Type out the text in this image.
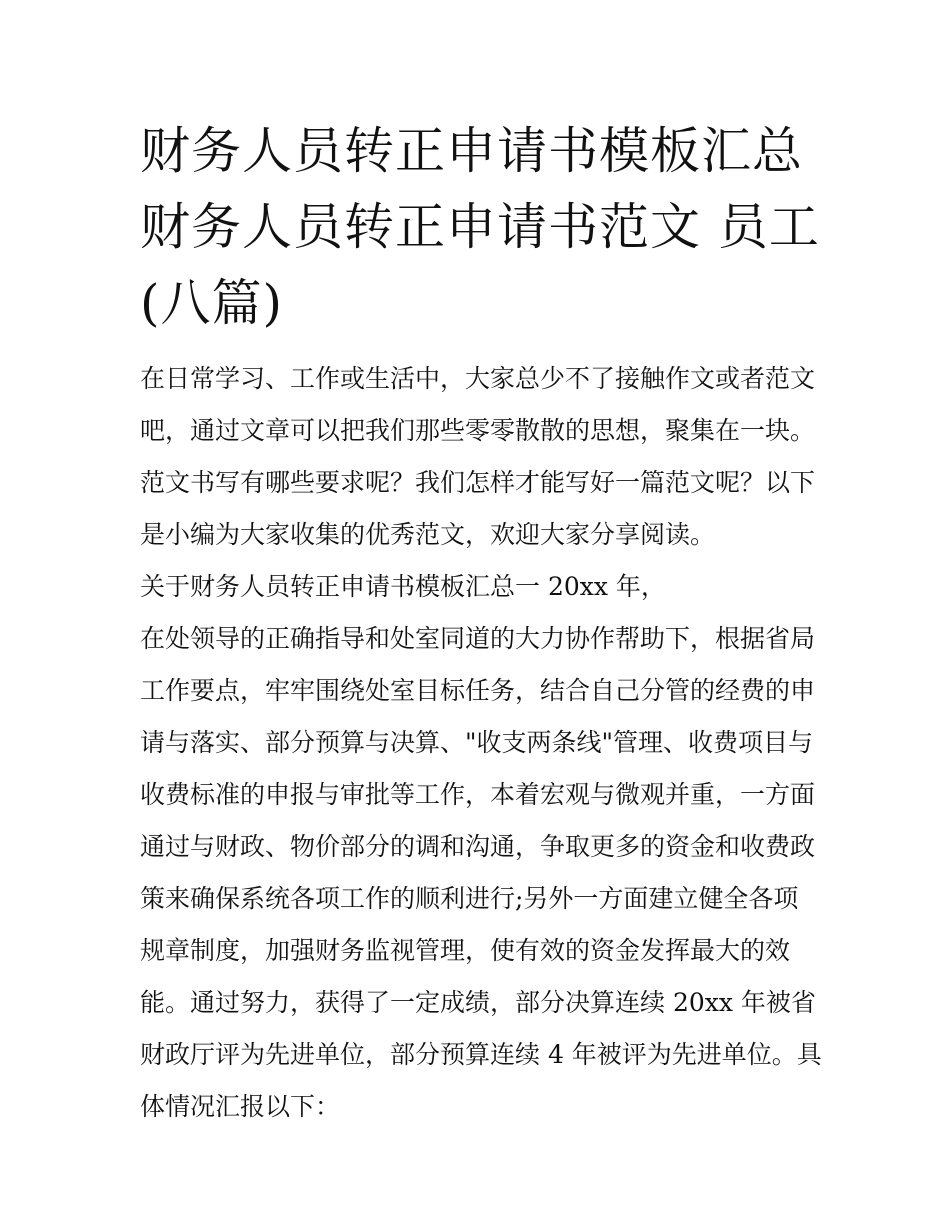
财务人员转正申请书模板汇总
财务人员转正申请书范文 员工
(八篇)

在日常学习、工作或生活中，大家总少不了接触作文或者范文
吧，通过文章可以把我们那些零零散散的思想，聚集在一块。
范文书写有哪些要求呢？我们怎样才能写好一篇范文呢？以下
是小编为大家收集的优秀范文，欢迎大家分享阅读。

关于财务人员转正申请书模板汇总一 20xx 年，

在处领导的正确指导和处室同道的大力协作帮助下，根据省局
工作要点，牢牢围绕处室目标任务，结合自己分管的经费的申
请与落实、部分预算与决算、"收支两条线"管理、收费项目与
收费标准的申报与审批等工作，本着宏观与微观并重，一方面
通过与财政、物价部分的调和沟通，争取更多的资金和收费政
策来确保系统各项工作的顺利进行;另外一方面建立健全各项
规章制度，加强财务监视管理，使有效的资金发挥最大的效
能。通过努力，获得了一定成绩，部分决算连续 20xx 年被省
财政厅评为先进单位，部分预算连续 4 年被评为先进单位。具
体情况汇报以下：
